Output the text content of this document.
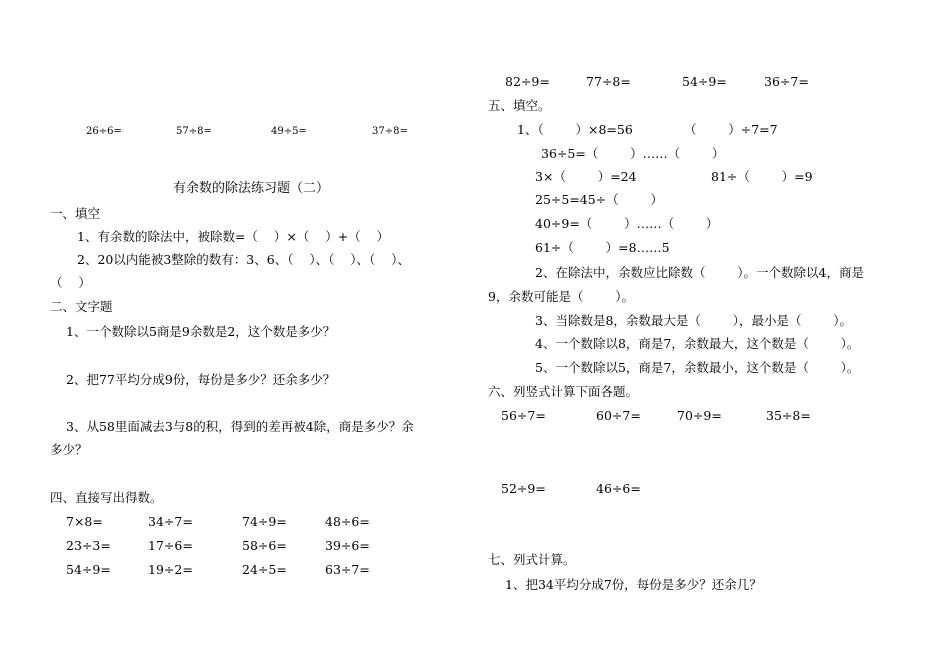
26÷6=	57÷8=	49÷5=	37÷8=
有余数的除法练习题（二）
一、填空
1、有余数的除法中，被除数=（    ）×（    ）+（    ）
2、20以内能被3整除的数有：3、6、（    ）、（    ）、（    ）、
（    ）
二、文字题
1、一个数除以5商是9余数是2，这个数是多少？
2、把77平均分成9份，每份是多少？还余多少？
3、从58里面减去3与8的积，得到的差再被4除，商是多少？余
多少？
四、直接写出得数。
7×8=	34÷7=	74÷9=	48÷6=
23÷3=	17÷6=	58÷6=	39÷6=
54÷9=	19÷2=	24÷5=	63÷7=
82÷9=	77÷8=	54÷9=	36÷7=
五、填空。
1、（        ）×8=56	（        ）÷7=7
36÷5=（        ）……（        ）
3×（        ）=24	81÷（        ）=9
25÷5=45÷（        ）
40÷9=（        ）……（        ）
61÷（        ）=8……5
2、在除法中，余数应比除数（        ）。一个数除以4，商是
9，余数可能是（        ）。
3、当除数是8，余数最大是（        ），最小是（        ）。
4、一个数除以8，商是7，余数最大，这个数是（        ）。
5、一个数除以5，商是7，余数最小，这个数是（        ）。
六、列竖式计算下面各题。
56÷7=	60÷7=	70÷9=	35÷8=
52÷9=	46÷6=
七、列式计算。
1、把34平均分成7份，每份是多少？还余几？
